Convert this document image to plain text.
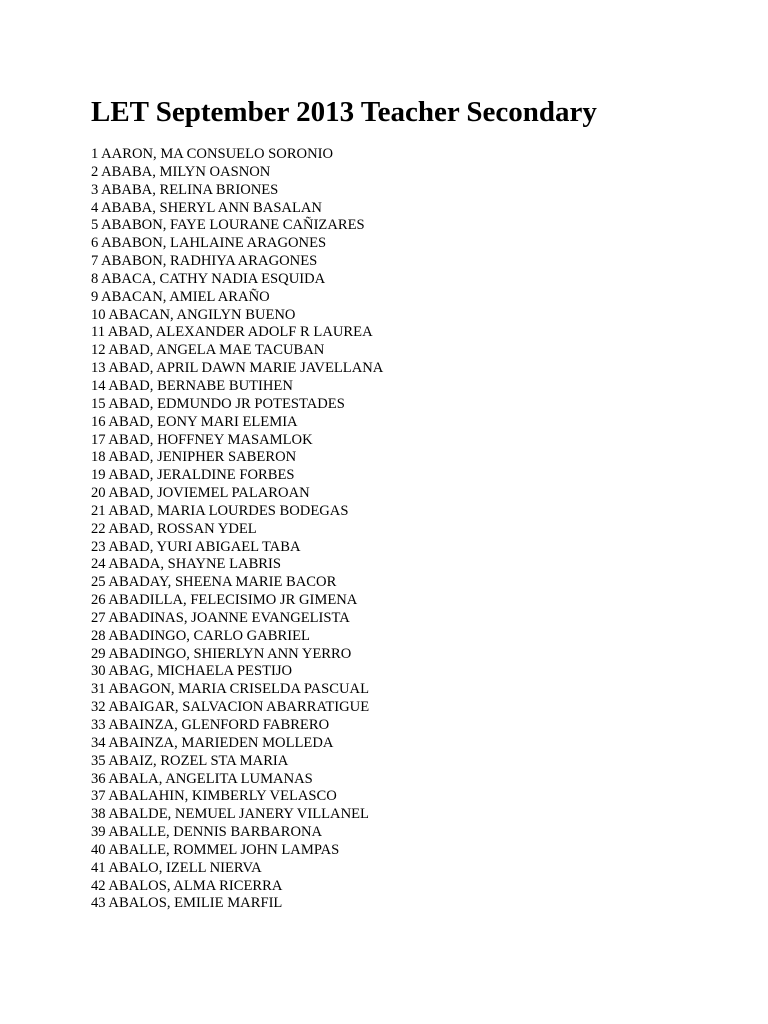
LET September 2013 Teacher Secondary
1 AARON, MA CONSUELO SORONIO
2 ABABA, MILYN OASNON
3 ABABA, RELINA BRIONES
4 ABABA, SHERYL ANN BASALAN
5 ABABON, FAYE LOURANE CAÑIZARES
6 ABABON, LAHLAINE ARAGONES
7 ABABON, RADHIYA ARAGONES
8 ABACA, CATHY NADIA ESQUIDA
9 ABACAN, AMIEL ARAÑO
10 ABACAN, ANGILYN BUENO
11 ABAD, ALEXANDER ADOLF R LAUREA
12 ABAD, ANGELA MAE TACUBAN
13 ABAD, APRIL DAWN MARIE JAVELLANA
14 ABAD, BERNABE BUTIHEN
15 ABAD, EDMUNDO JR POTESTADES
16 ABAD, EONY MARI ELEMIA
17 ABAD, HOFFNEY MASAMLOK
18 ABAD, JENIPHER SABERON
19 ABAD, JERALDINE FORBES
20 ABAD, JOVIEMEL PALAROAN
21 ABAD, MARIA LOURDES BODEGAS
22 ABAD, ROSSAN YDEL
23 ABAD, YURI ABIGAEL TABA
24 ABADA, SHAYNE LABRIS
25 ABADAY, SHEENA MARIE BACOR
26 ABADILLA, FELECISIMO JR GIMENA
27 ABADINAS, JOANNE EVANGELISTA
28 ABADINGO, CARLO GABRIEL
29 ABADINGO, SHIERLYN ANN YERRO
30 ABAG, MICHAELA PESTIJO
31 ABAGON, MARIA CRISELDA PASCUAL
32 ABAIGAR, SALVACION ABARRATIGUE
33 ABAINZA, GLENFORD FABRERO
34 ABAINZA, MARIEDEN MOLLEDA
35 ABAIZ, ROZEL STA MARIA
36 ABALA, ANGELITA LUMANAS
37 ABALAHIN, KIMBERLY VELASCO
38 ABALDE, NEMUEL JANERY VILLANEL
39 ABALLE, DENNIS BARBARONA
40 ABALLE, ROMMEL JOHN LAMPAS
41 ABALO, IZELL NIERVA
42 ABALOS, ALMA RICERRA
43 ABALOS, EMILIE MARFIL
